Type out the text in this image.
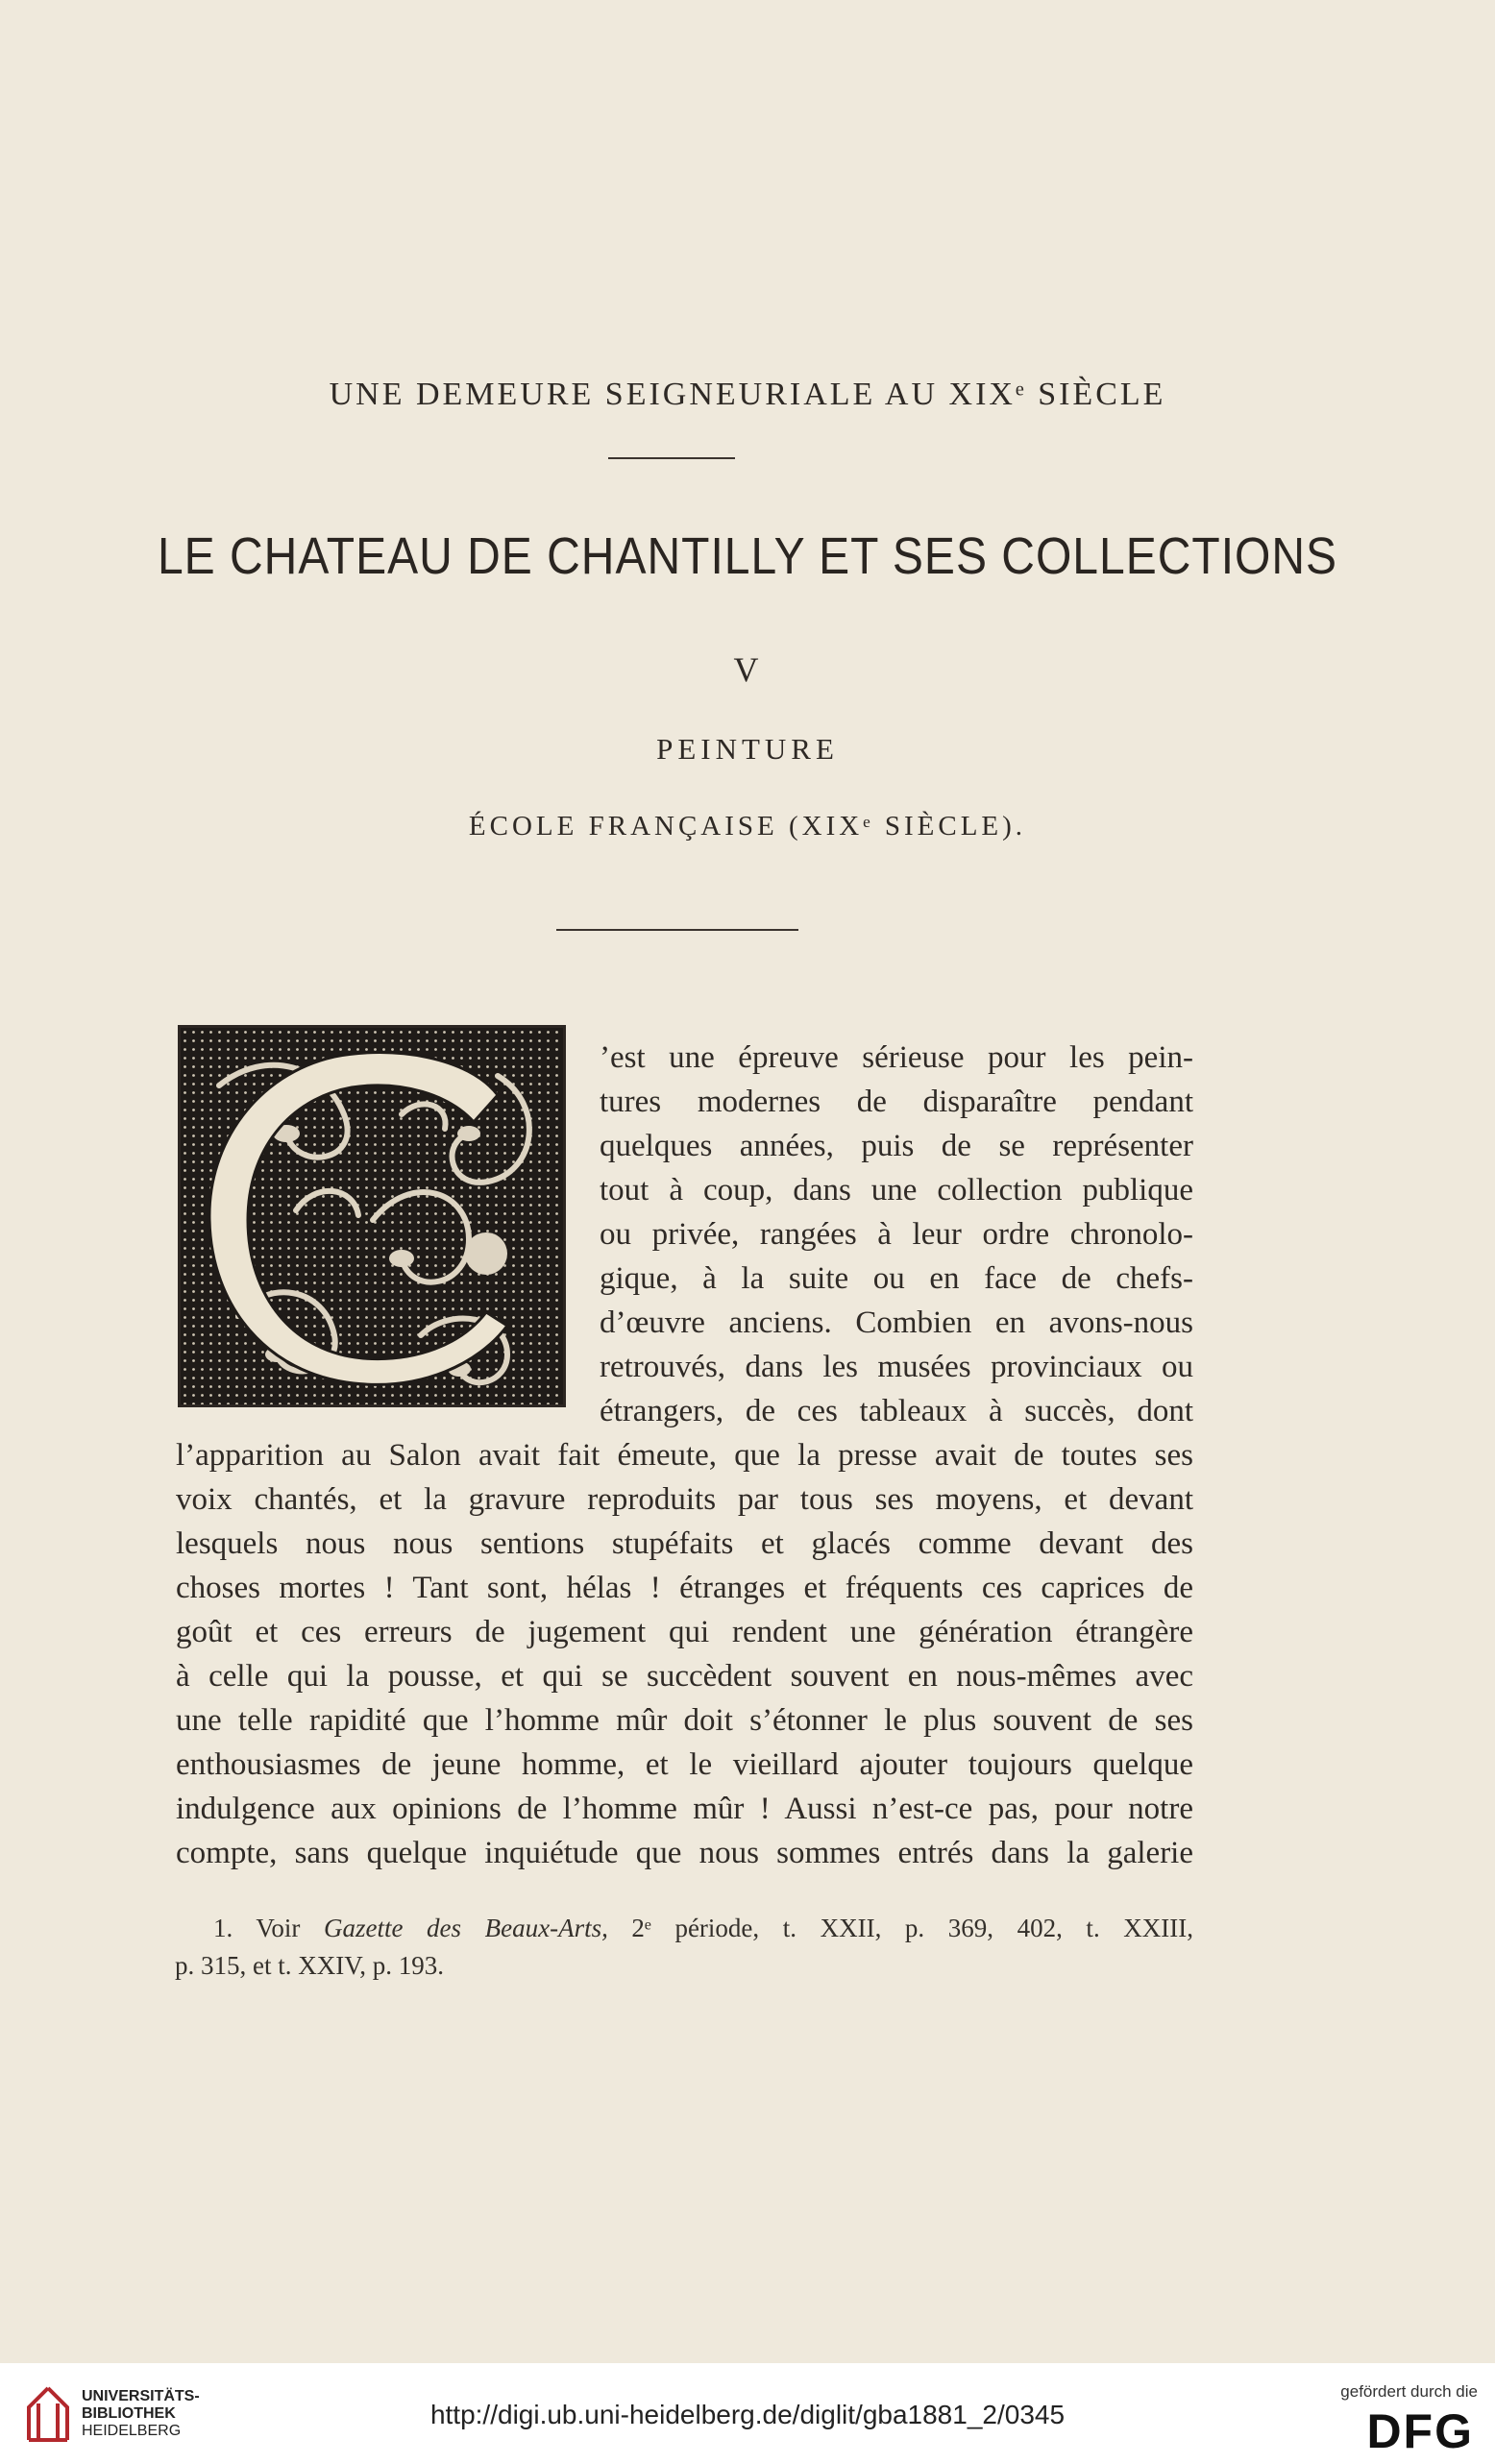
UNE DEMEURE SEIGNEURIALE AU XIXᵉ SIÈCLE
LE CHATEAU DE CHANTILLY ET SES COLLECTIONS
V
PEINTURE
ÉCOLE FRANÇAISE (XIXᵉ SIÈCLE).
’est une épreuve sérieuse pour les pein-
tures modernes de disparaître pendant
quelques années, puis de se représenter
tout à coup, dans une collection publique
ou privée, rangées à leur ordre chronolo-
gique, à la suite ou en face de chefs-
d’œuvre anciens. Combien en avons-nous
retrouvés, dans les musées provinciaux ou
étrangers, de ces tableaux à succès, dont
l’apparition au Salon avait fait émeute, que la presse avait de toutes ses
voix chantés, et la gravure reproduits par tous ses moyens, et devant
lesquels nous nous sentions stupéfaits et glacés comme devant des
choses mortes ! Tant sont, hélas ! étranges et fréquents ces caprices de
goût et ces erreurs de jugement qui rendent une génération étrangère
à celle qui la pousse, et qui se succèdent souvent en nous-mêmes avec
une telle rapidité que l’homme mûr doit s’étonner le plus souvent de ses
enthousiasmes de jeune homme, et le vieillard ajouter toujours quelque
indulgence aux opinions de l’homme mûr ! Aussi n’est-ce pas, pour notre
compte, sans quelque inquiétude que nous sommes entrés dans la galerie
1. Voir Gazette des Beaux-Arts, 2ᵉ période, t. XXII, p. 369, 402, t. XXIII,
p. 315, et t. XXIV, p. 193.
UNIVERSITÄTS-
BIBLIOTHEK
HEIDELBERG
http://digi.ub.uni-heidelberg.de/diglit/gba1881_2/0345
gefördert durch die
DFG
